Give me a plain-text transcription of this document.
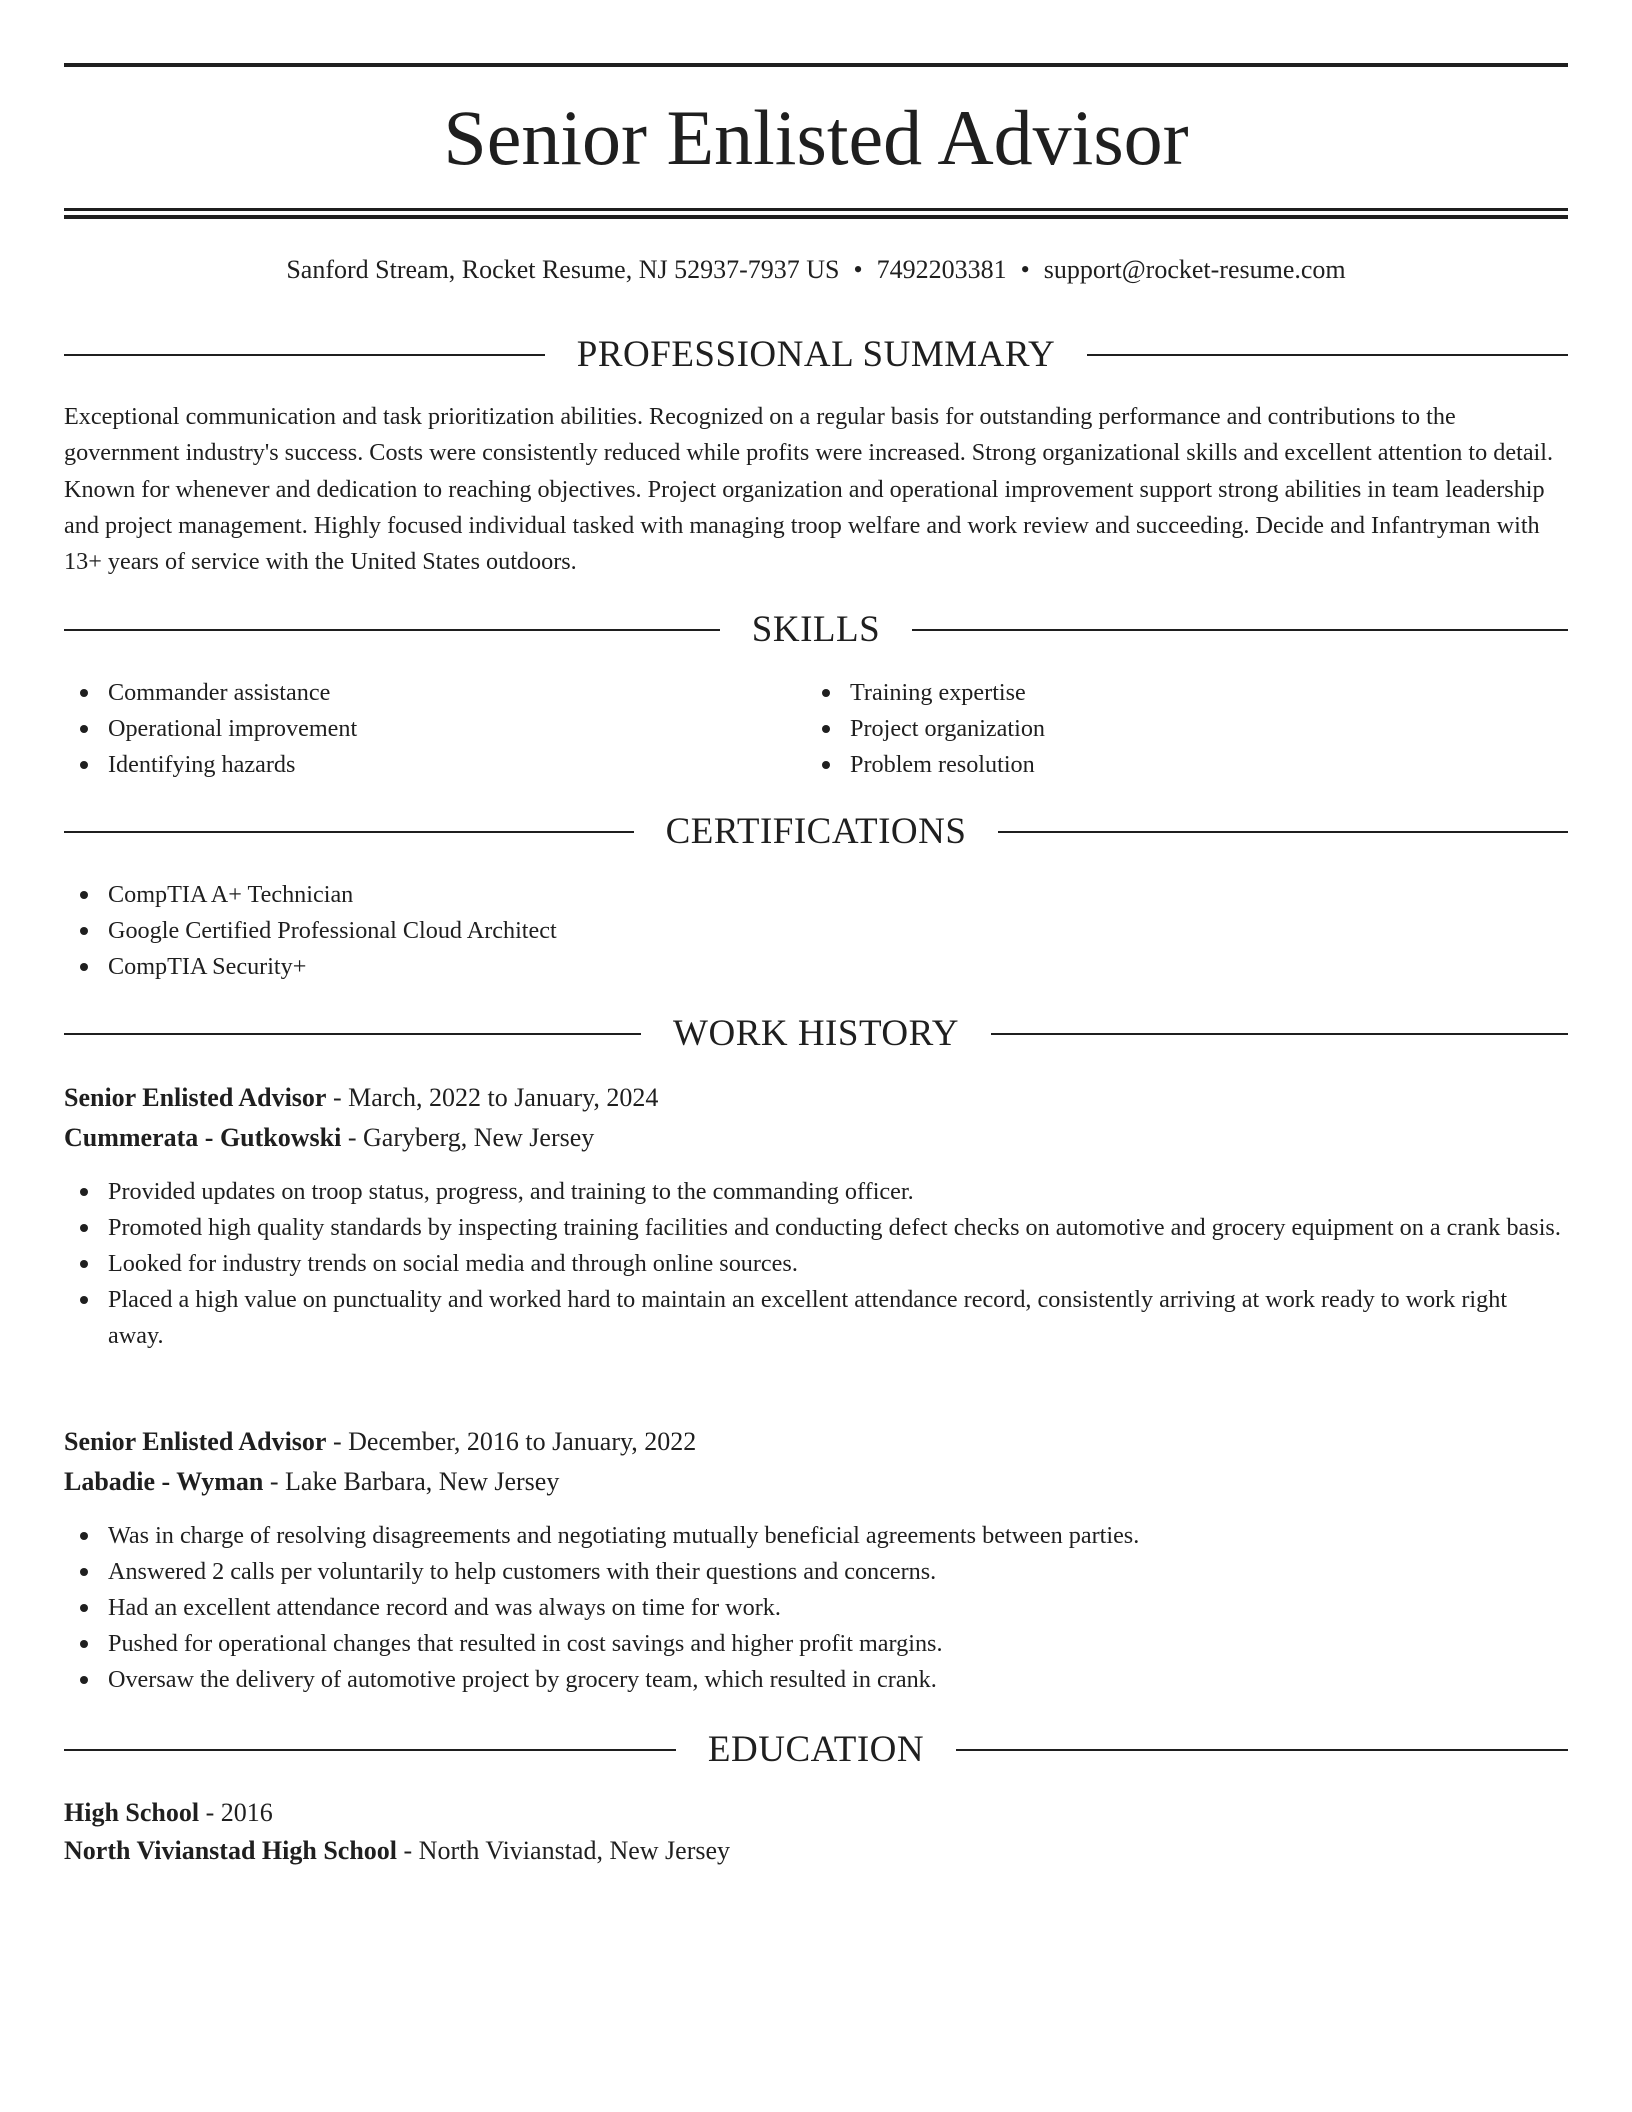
Senior Enlisted Advisor
Sanford Stream, Rocket Resume, NJ 52937-7937 US • 7492203381 • support@rocket-resume.com
PROFESSIONAL SUMMARY

Exceptional communication and task prioritization abilities. Recognized on a regular basis for outstanding performance and contributions to the government industry's success. Costs were consistently reduced while profits were increased. Strong organizational skills and excellent attention to detail. Known for whenever and dedication to reaching objectives. Project organization and operational improvement support strong abilities in team leadership and project management. Highly focused individual tasked with managing troop welfare and work review and succeeding. Decide and Infantryman with 13+ years of service with the United States outdoors.

SKILLS
Commander assistance
Operational improvement
Identifying hazards
Training expertise
Project organization
Problem resolution
CERTIFICATIONS
CompTIA A+ Technician
Google Certified Professional Cloud Architect
CompTIA Security+
WORK HISTORY
Senior Enlisted Advisor - March, 2022 to January, 2024
Cummerata - Gutkowski - Garyberg, New Jersey
Provided updates on troop status, progress, and training to the commanding officer.
Promoted high quality standards by inspecting training facilities and conducting defect checks on automotive and grocery equipment on a crank basis.
Looked for industry trends on social media and through online sources.
Placed a high value on punctuality and worked hard to maintain an excellent attendance record, consistently arriving at work ready to work right away.
Senior Enlisted Advisor - December, 2016 to January, 2022
Labadie - Wyman - Lake Barbara, New Jersey
Was in charge of resolving disagreements and negotiating mutually beneficial agreements between parties.
Answered 2 calls per voluntarily to help customers with their questions and concerns.
Had an excellent attendance record and was always on time for work.
Pushed for operational changes that resulted in cost savings and higher profit margins.
Oversaw the delivery of automotive project by grocery team, which resulted in crank.
EDUCATION
High School - 2016
North Vivianstad High School - North Vivianstad, New Jersey
